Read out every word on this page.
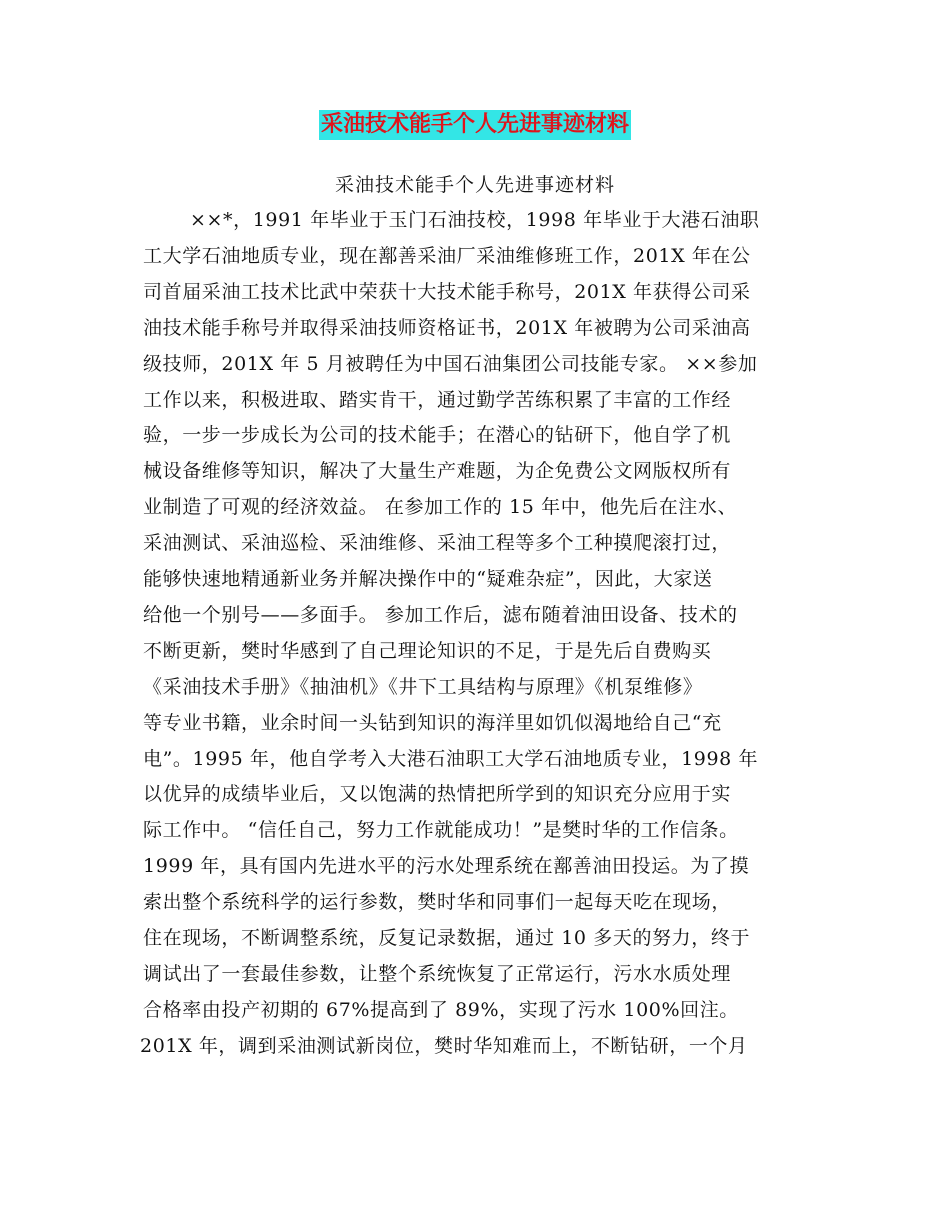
采油技术能手个人先进事迹材料
采油技术能手个人先进事迹材料
××*，1991 年毕业于玉门石油技校，1998 年毕业于大港石油职
工大学石油地质专业，现在鄯善采油厂采油维修班工作，201X 年在公
司首届采油工技术比武中荣获十大技术能手称号，201X 年获得公司采
油技术能手称号并取得采油技师资格证书，201X 年被聘为公司采油高
级技师，201X 年 5 月被聘任为中国石油集团公司技能专家。 ××参加
工作以来，积极进取、踏实肯干，通过勤学苦练积累了丰富的工作经
验，一步一步成长为公司的技术能手；在潜心的钻研下，他自学了机
械设备维修等知识，解决了大量生产难题，为企免费公文网版权所有
业制造了可观的经济效益。 在参加工作的 15 年中，他先后在注水、
采油测试、采油巡检、采油维修、采油工程等多个工种摸爬滚打过，
能够快速地精通新业务并解决操作中的“疑难杂症”，因此，大家送
给他一个别号——多面手。 参加工作后，滤布随着油田设备、技术的
不断更新，樊时华感到了自己理论知识的不足，于是先后自费购买
《采油技术手册》《抽油机》《井下工具结构与原理》《机泵维修》
等专业书籍，业余时间一头钻到知识的海洋里如饥似渴地给自己“充
电”。1995 年，他自学考入大港石油职工大学石油地质专业，1998 年
以优异的成绩毕业后，又以饱满的热情把所学到的知识充分应用于实
际工作中。 “信任自己，努力工作就能成功！”是樊时华的工作信条。
1999 年，具有国内先进水平的污水处理系统在鄯善油田投运。为了摸
索出整个系统科学的运行参数，樊时华和同事们一起每天吃在现场，
住在现场，不断调整系统，反复记录数据，通过 10 多天的努力，终于
调试出了一套最佳参数，让整个系统恢复了正常运行，污水水质处理
合格率由投产初期的 67%提高到了 89%，实现了污水 100%回注。
201X 年，调到采油测试新岗位，樊时华知难而上，不断钻研，一个月
